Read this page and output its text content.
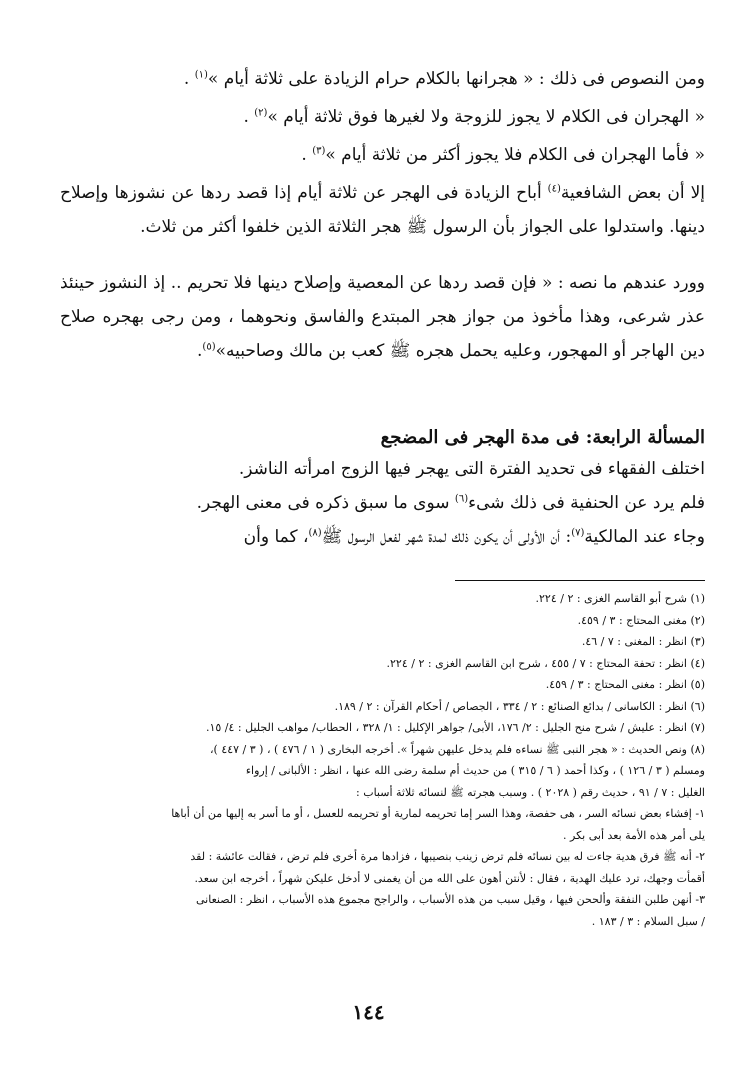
ومن النصوص فى ذلك : « هجرانها بالكلام حرام الزيادة على ثلاثة أيام »$^{(١)}$ .

« الهجران فى الكلام لا يجوز للزوجة ولا لغيرها فوق ثلاثة أيام »$^{(٢)}$ .

« فأما الهجران فى الكلام فلا يجوز أكثر من ثلاثة أيام »$^{(٣)}$ .

إلا أن بعض الشافعية$^{(٤)}$ أباح الزيادة فى الهجر عن ثلاثة أيام إذا قصد ردها عن نشوزها وإصلاح دينها. واستدلوا على الجواز بأن الرسول ﷺ هجر الثلاثة الذين خلفوا أكثر من ثلاث.

وورد عندهم ما نصه : « فإن قصد ردها عن المعصية وإصلاح دينها فلا تحريم .. إذ النشوز حينئذ عذر شرعى، وهذا مأخوذ من جواز هجر المبتدع والفاسق ونحوهما ، ومن رجى بهجره صلاح دين الهاجر أو المهجور، وعليه يحمل هجره ﷺ كعب بن مالك وصاحبيه»$^{(٥)}$.

المسألة الرابعة: فى مدة الهجر فى المضجع

اختلف الفقهاء فى تحديد الفترة التى يهجر فيها الزوج امرأته الناشز.

فلم يرد عن الحنفية فى ذلك شىء$^{(٦)}$ سوى ما سبق ذكره فى معنى الهجر.

وجاء عند المالكية$^{(٧)}$: أن الأولى أن يكون ذلك لمدة شهر لفعل الرسول ﷺ$^{(٨)}$، كما وأن

(١) شرح أبو القاسم الغزى : ٢ / ٢٢٤.

(٢) مغنى المحتاج : ٣ / ٤٥٩.

(٣) انظر : المغنى : ٧ / ٤٦.

(٤) انظر : تحفة المحتاج : ٧ / ٤٥٥ ، شرح ابن القاسم الغزى : ٢ / ٢٢٤.

(٥) انظر : مغنى المحتاج : ٣ / ٤٥٩.

(٦) انظر : الكاسانى / بدائع الصنائع : ٢ / ٣٣٤ ، الجصاص / أحكام القرآن : ٢ / ١٨٩.

(٧) انظر : عليش / شرح منح الجليل : ٢/ ١٧٦، الأبى/ جواهر الإكليل : ١/ ٣٢٨ ، الحطاب/ مواهب الجليل : ٤/ ١٥.

(٨) ونص الحديث : « هجر النبى ﷺ نساءه فلم يدخل عليهن شهراً ». أخرجه البخارى ( ١ / ٤٧٦ ) ، ( ٣ / ٤٤٧ )،

ومسلم ( ٣ / ١٢٦ ) ، وكذا أحمد ( ٦ / ٣١٥ ) من حديث أم سلمة رضى الله عنها ، انظر : الألبانى / إرواء

الغليل : ٧ / ٩١ ، حديث رقم ( ٢٠٢٨ ) . وسبب هجرته ﷺ لنسائه ثلاثة أسباب :

١- إفشاء بعض نسائه السر ، هى حفصة، وهذا السر إما تحريمه لمارية أو تحريمه للعسل ، أو ما أسر به إليها من أن أباها

يلى أمر هذه الأمة بعد أبى بكر .

٢- أنه ﷺ فرق هدية جاءت له بين نسائه فلم ترض زينب بنصيبها ، فزادها مرة أخرى فلم ترض ، فقالت عائشة : لقد

أقمأت وجهك، ترد عليك الهدية ، فقال : لأنتن أهون على الله من أن يغمنى لا أدخل عليكن شهراً ، أخرجه ابن سعد.

٣- أنهن طلبن النفقة وألححن فيها ، وقيل سبب من هذه الأسباب ، والراجح مجموع هذه الأسباب ، انظر : الصنعانى

/ سبل السلام : ٣ / ١٨٣ .

١٤٤
